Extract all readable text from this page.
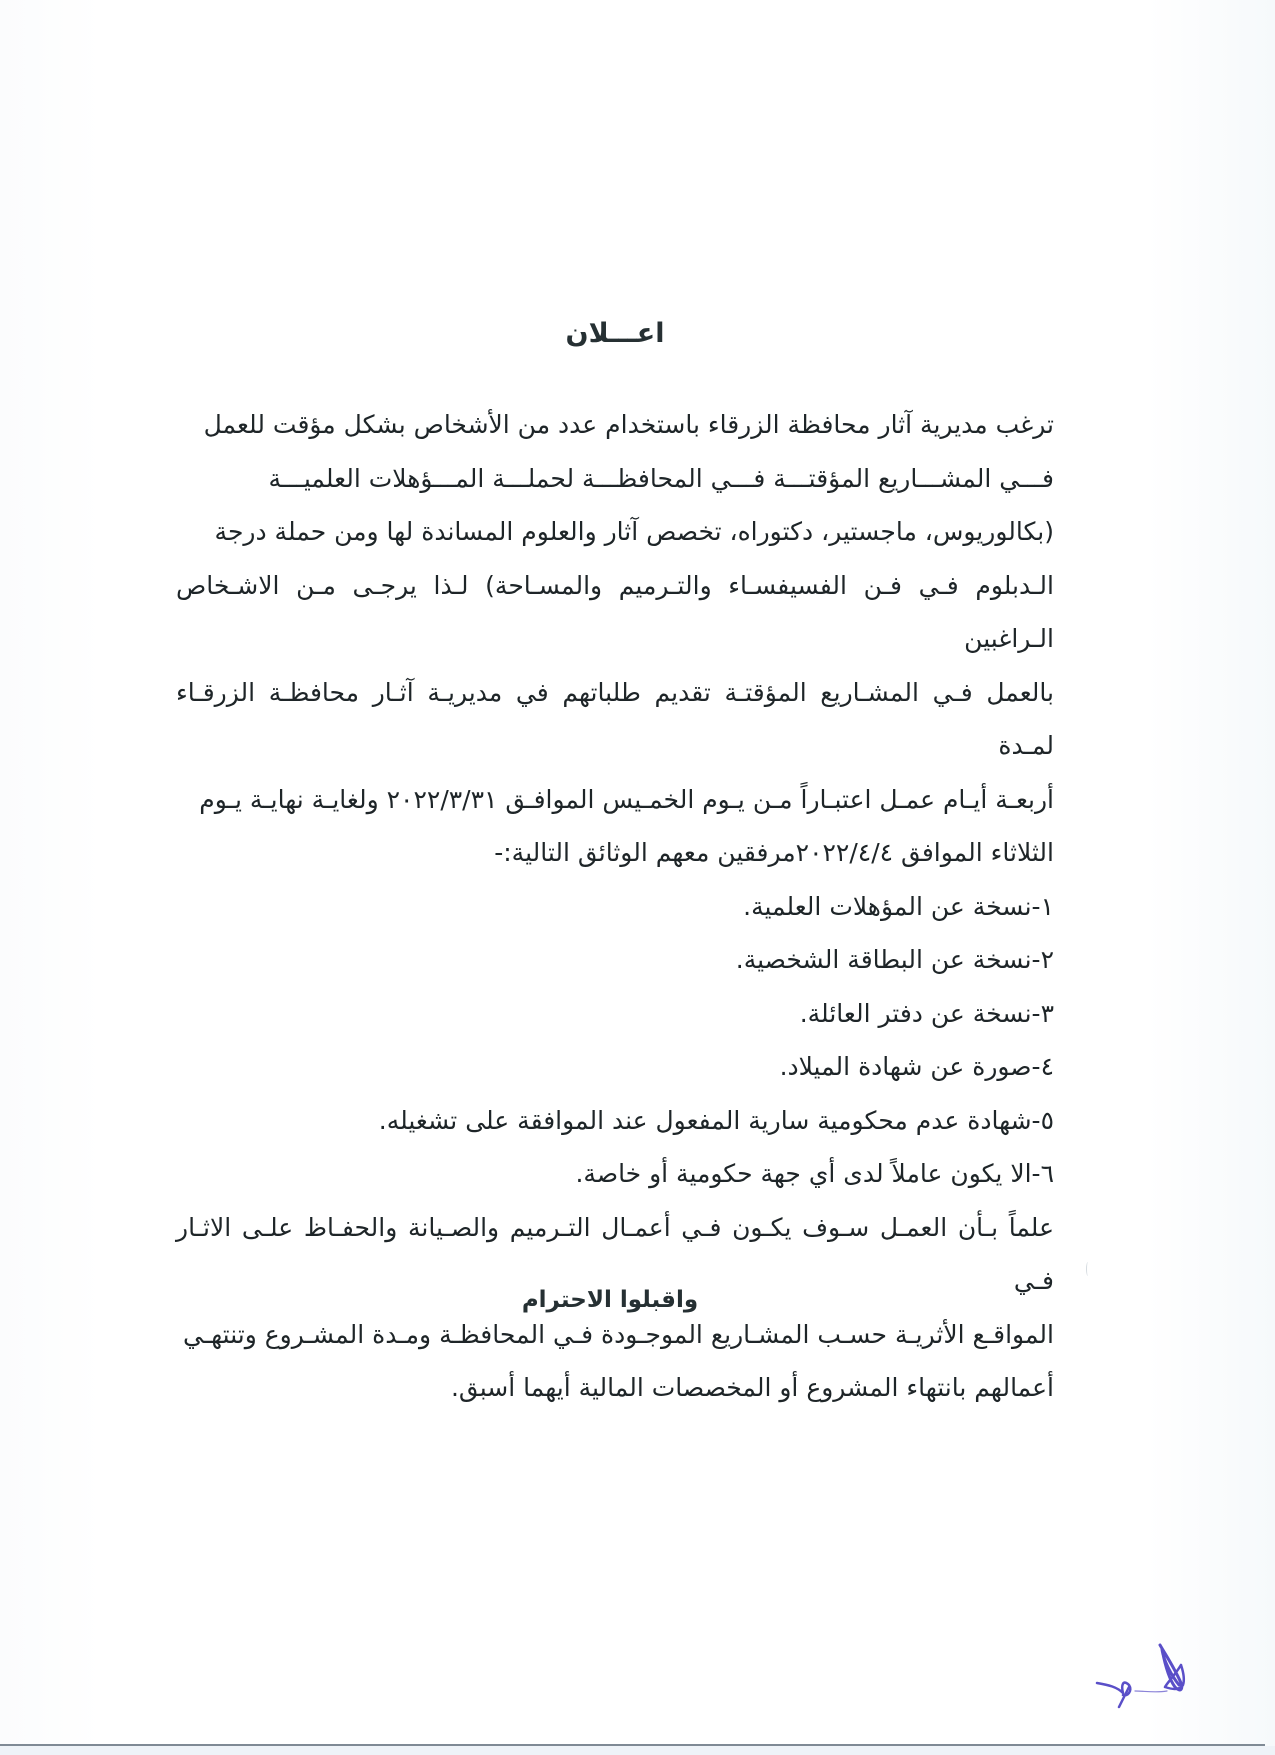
اعـــلان

ترغب مديرية آثار محافظة الزرقاء باستخدام عدد من الأشخاص بشكل مؤقت للعمل

فـــي المشـــاريع المؤقتـــة فـــي المحافظـــة لحملـــة المـــؤهلات العلميـــة

(بكالوريوس، ماجستير، دكتوراه، تخصص آثار والعلوم المساندة لها ومن حملة درجة

الـدبلوم فـي فـن الفسيفسـاء والتـرميم والمسـاحة) لـذا يرجـى مـن الاشـخاص الـراغبين

بالعمل فـي المشـاريع المؤقتـة تقديم طلباتهم في مديريـة آثـار محافظـة الزرقـاء لمـدة

أربعـة أيـام عمـل اعتبـاراً مـن يـوم الخمـيس الموافـق ٢٠٢٢/٣/٣١ ولغايـة نهايـة يـوم

الثلاثاء الموافق ٢٠٢٢/٤/٤مرفقين معهم الوثائق التالية:-

١-نسخة عن المؤهلات العلمية.
٢-نسخة عن البطاقة الشخصية.
٣-نسخة عن دفتر العائلة.
٤-صورة عن شهادة الميلاد.
٥-شهادة عدم محكومية سارية المفعول عند الموافقة على تشغيله.
٦-الا يكون عاملاً لدى أي جهة حكومية أو خاصة.

علماً بـأن العمـل سـوف يكـون فـي أعمـال التـرميم والصـيانة والحفـاظ علـى الاثـار فـي

المواقـع الأثريـة حسـب المشـاريع الموجـودة فـي المحافظـة ومـدة المشـروع وتنتهـي

أعمالهم بانتهاء المشروع أو المخصصات المالية أيهما أسبق.

واقبلوا الاحترام
